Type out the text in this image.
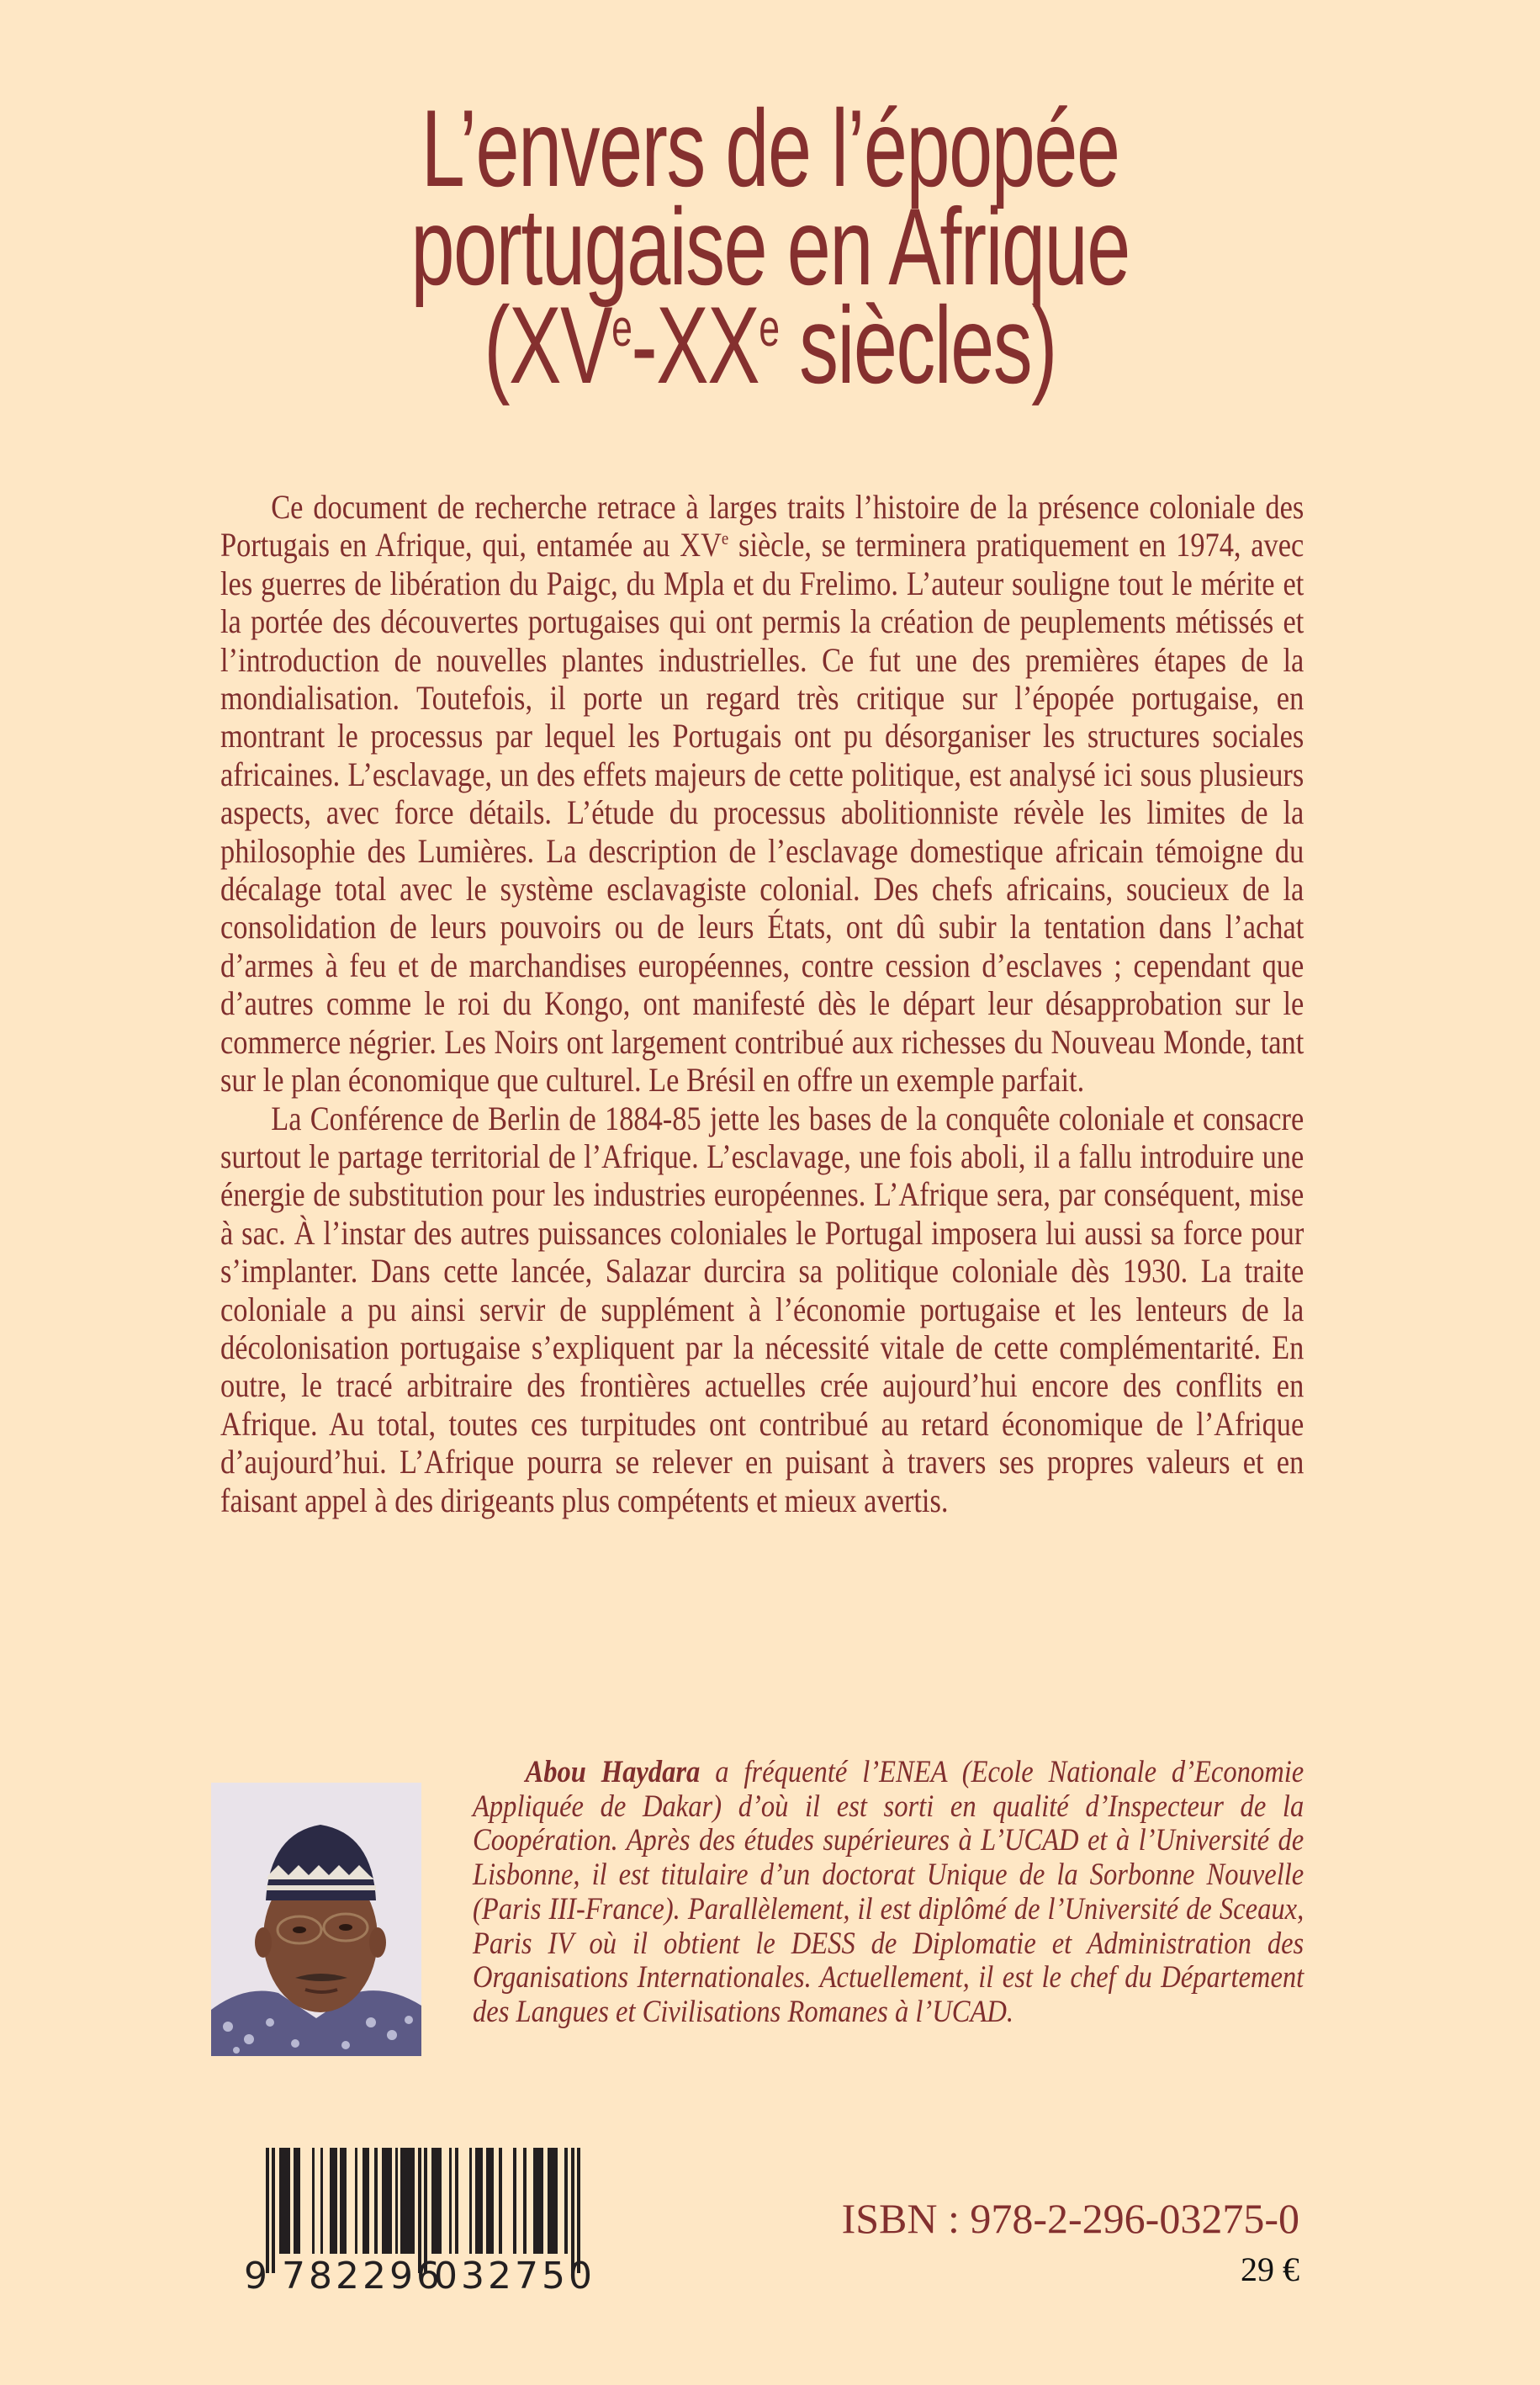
L’envers de l’épopée
portugaise en Afrique
(XVe-XXe siècles)

Ce document de recherche retrace à larges traits l’histoire de la présence coloniale des Portugais en Afrique, qui, entamée au XVe siècle, se terminera pratiquement en 1974, avec les guerres de libération du Paigc, du Mpla et du Frelimo. L’auteur souligne tout le mérite et la portée des découvertes portugaises qui ont permis la création de peuplements métissés et l’introduction de nouvelles plantes industrielles. Ce fut une des premières étapes de la mondialisation. Toutefois, il porte un regard très critique sur l’épopée portugaise, en montrant le processus par lequel les Portugais ont pu désorganiser les structures sociales africaines. L’esclavage, un des effets majeurs de cette politique, est analysé ici sous plusieurs aspects, avec force détails. L’étude du processus abolitionniste révèle les limites de la philosophie des Lumières. La description de l’esclavage domestique africain témoigne du décalage total avec le système esclavagiste colonial. Des chefs africains, soucieux de la consolidation de leurs pouvoirs ou de leurs États, ont dû subir la tentation dans l’achat d’armes à feu et de marchandises européennes, contre cession d’esclaves ; cependant que d’autres comme le roi du Kongo, ont manifesté dès le départ leur désapprobation sur le commerce négrier. Les Noirs ont largement contribué aux richesses du Nouveau Monde, tant sur le plan économique que culturel. Le Brésil en offre un exemple parfait.

La Conférence de Berlin de 1884-85 jette les bases de la conquête coloniale et consacre surtout le partage territorial de l’Afrique. L’esclavage, une fois aboli, il a fallu introduire une énergie de substitution pour les industries européennes. L’Afrique sera, par conséquent, mise à sac. À l’instar des autres puissances coloniales le Portugal imposera lui aussi sa force pour s’implanter. Dans cette lancée, Salazar durcira sa politique coloniale dès 1930. La traite coloniale a pu ainsi servir de supplément à l’économie portugaise et les lenteurs de la décolonisation portugaise s’expliquent par la nécessité vitale de cette complémentarité. En outre, le tracé arbitraire des frontières actuelles crée aujourd’hui encore des conflits en Afrique. Au total, toutes ces turpitudes ont contribué au retard économique de l’Afrique d’aujourd’hui. L’Afrique pourra se relever en puisant à travers ses propres valeurs et en faisant appel à des dirigeants plus compétents et mieux avertis.

Abou Haydara a fréquenté l’ENEA (Ecole Nationale d’Economie Appliquée de Dakar) d’où il est sorti en qualité d’Inspecteur de la Coopération. Après des études supérieures à L’UCAD et à l’Université de Lisbonne, il est titulaire d’un doctorat Unique de la Sorbonne Nouvelle (Paris III-France). Parallèlement, il est diplômé de l’Université de Sceaux, Paris IV où il obtient le DESS de Diplomatie et Administration des Organisations Internationales. Actuellement, il est le chef du Département des Langues et Civilisations Romanes à l’UCAD.

9 782296
032750
ISBN : 978-2-296-03275-0
29 €
